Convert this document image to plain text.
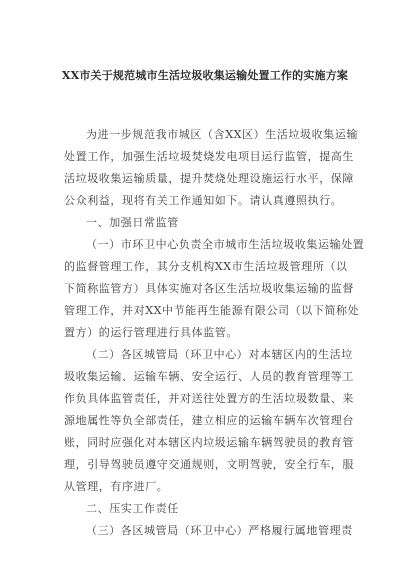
XX市关于规范城市生活垃圾收集运输处置工作的实施方案
为进一步规范我市城区（含XX区）生活垃圾收集运输
处置工作，加强生活垃圾焚烧发电项目运行监管，提高生
活垃圾收集运输质量，提升焚烧处理设施运行水平，保障
公众利益，现将有关工作通知如下。请认真遵照执行。
一、加强日常监管
（一）市环卫中心负责全市城市生活垃圾收集运输处置
的监督管理工作，其分支机构XX市生活垃圾管理所（以
下简称监管方）具体实施对各区生活垃圾收集运输的监督
管理工作，并对XX中节能再生能源有限公司（以下简称处
置方）的运行管理进行具体监管。
（二）各区城管局（环卫中心）对本辖区内的生活垃
圾收集运输、运输车辆、安全运行、人员的教育管理等工
作负具体监管责任，并对送往处置方的生活垃圾数量、来
源地属性等负全部责任，建立相应的运输车辆车次管理台
账，同时应强化对本辖区内垃圾运输车辆驾驶员的教育管
理，引导驾驶员遵守交通规则，文明驾驶，安全行车，服
从管理，有序进厂。
二、压实工作责任
（三）各区城管局（环卫中心）严格履行属地管理责
